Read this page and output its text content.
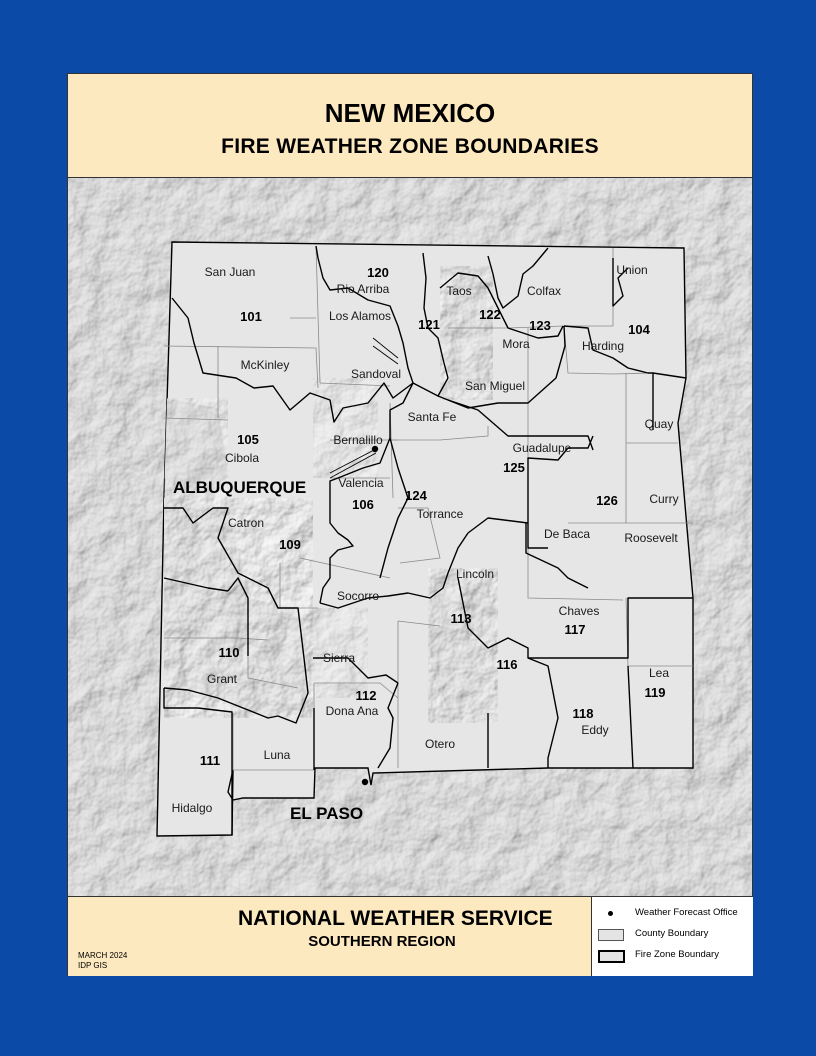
NEW MEXICO
FIRE WEATHER ZONE BOUNDARIES
San Juan
Rio Arriba	Taos	Colfax
Union
Los Alamos
Mora	Harding
McKinley
Sandoval
San Miguel
Santa Fe	Quay
Bernalillo
Guadalupe
Cibola
Valencia
Curry
Torrance
De Baca	Roosevelt
Catron
Lincoln
Socorro
Chaves
Lea
Sierra
Grant
Dona Ana
Eddy
Luna
Otero
Hidalgo
101
104
105
106
109
110
111
112
113
116
117
118
119
120
121
124
125
126
122
123
ALBUQUERQUE
EL PASO
NATIONAL WEATHER SERVICE
SOUTHERN REGION
MARCH 2024
IDP GIS
Weather Forecast Office
County Boundary
Fire Zone Boundary
